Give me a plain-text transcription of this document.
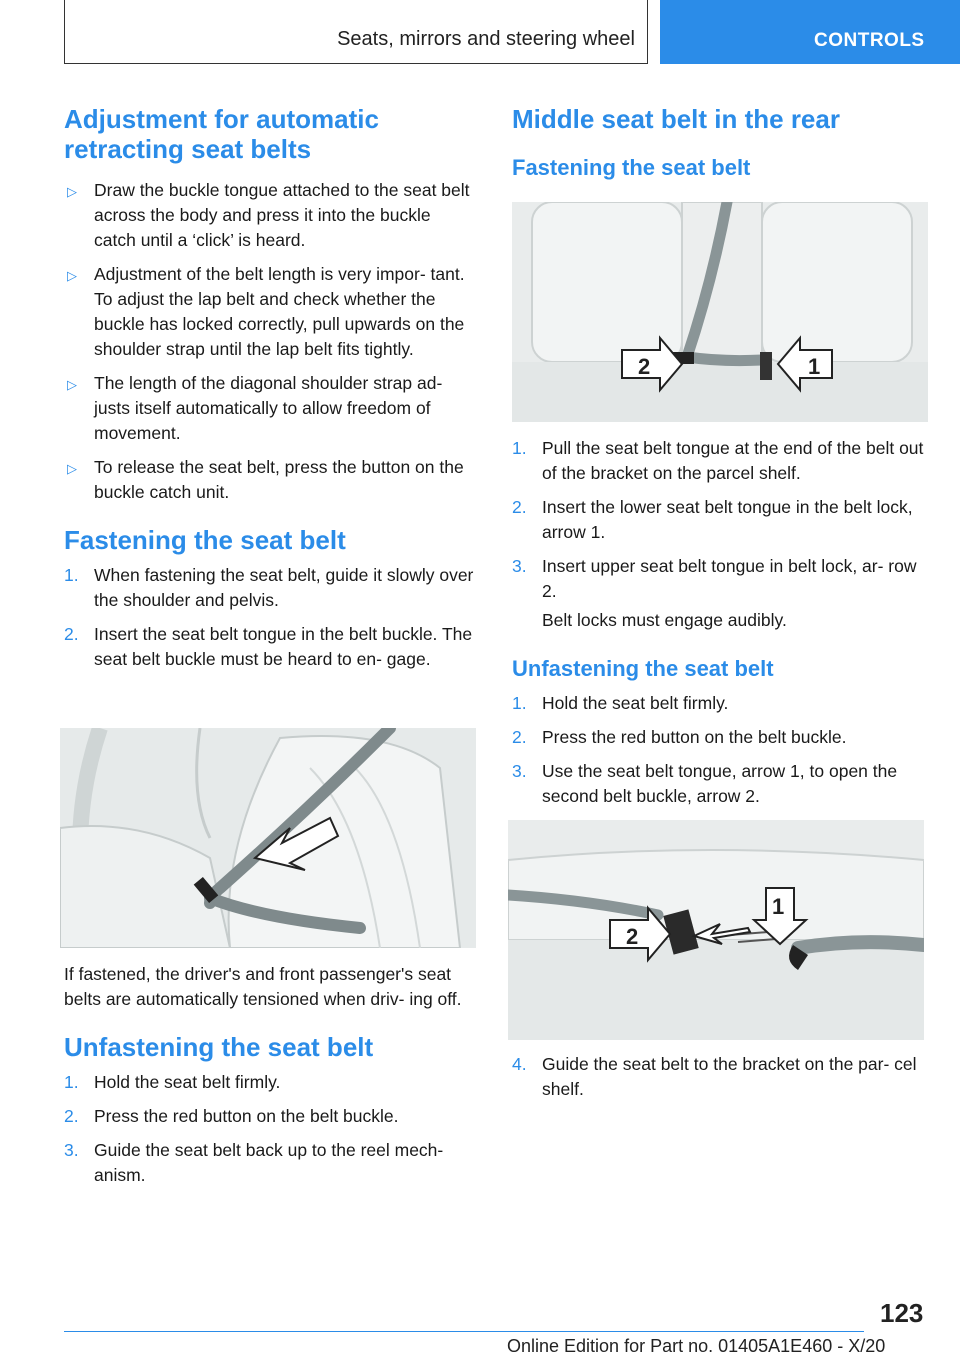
Seats, mirrors and steering wheel	CONTROLS
Adjustment for automatic retracting seat belts
▷ Draw the buckle tongue attached to the seat belt across the body and press it into the buckle catch until a ‘click’ is heard.
▷ Adjustment of the belt length is very impor‐ tant. To adjust the lap belt and check whether the buckle has locked correctly, pull upwards on the shoulder strap until the lap belt fits tightly.
▷ The length of the diagonal shoulder strap ad‐ justs itself automatically to allow freedom of movement.
▷ To release the seat belt, press the button on the buckle catch unit.
Fastening the seat belt
1. When fastening the seat belt, guide it slowly over the shoulder and pelvis.
2. Insert the seat belt tongue in the belt buckle. The seat belt buckle must be heard to en‐ gage.

If fastened, the driver's and front passenger's seat belts are automatically tensioned when driv‐ ing off.

Unfastening the seat belt
1. Hold the seat belt firmly.
2. Press the red button on the belt buckle.
3. Guide the seat belt back up to the reel mech‐ anism.
Middle seat belt in the rear
Fastening the seat belt
2	1
1. Pull the seat belt tongue at the end of the belt out of the bracket on the parcel shelf.
2. Insert the lower seat belt tongue in the belt lock, arrow 1.
3. Insert upper seat belt tongue in belt lock, ar‐ row 2.

Belt locks must engage audibly.

Unfastening the seat belt
1. Hold the seat belt firmly.
2. Press the red button on the belt buckle.
3. Use the seat belt tongue, arrow 1, to open the second belt buckle, arrow 2.
1
2
4. Guide the seat belt to the bracket on the par‐ cel shelf.
123
Online Edition for Part no. 01405A1E460 - X/20
